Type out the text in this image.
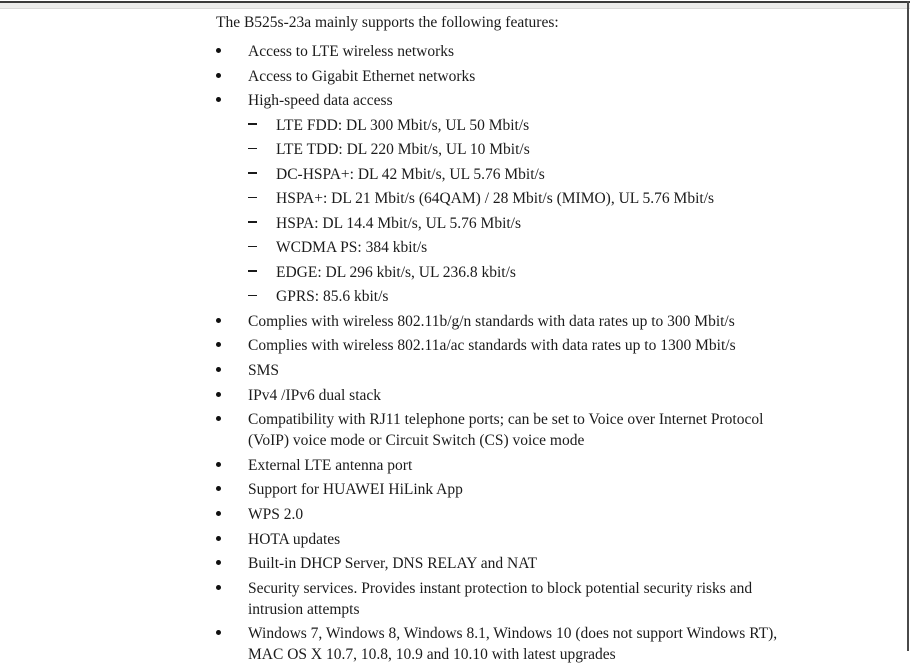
The B525s-23a mainly supports the following features:
Access to LTE wireless networks
Access to Gigabit Ethernet networks
High-speed data access
LTE FDD: DL 300 Mbit/s, UL 50 Mbit/s
LTE TDD: DL 220 Mbit/s, UL 10 Mbit/s
DC-HSPA+: DL 42 Mbit/s, UL 5.76 Mbit/s
HSPA+: DL 21 Mbit/s (64QAM) / 28 Mbit/s (MIMO), UL 5.76 Mbit/s
HSPA: DL 14.4 Mbit/s, UL 5.76 Mbit/s
WCDMA PS: 384 kbit/s
EDGE: DL 296 kbit/s, UL 236.8 kbit/s
GPRS: 85.6 kbit/s
Complies with wireless 802.11b/g/n standards with data rates up to 300 Mbit/s
Complies with wireless 802.11a/ac standards with data rates up to 1300 Mbit/s
SMS
IPv4 /IPv6 dual stack
Compatibility with RJ11 telephone ports; can be set to Voice over Internet Protocol (VoIP) voice mode or Circuit Switch (CS) voice mode
External LTE antenna port
Support for HUAWEI HiLink App
WPS 2.0
HOTA updates
Built-in DHCP Server, DNS RELAY and NAT
Security services. Provides instant protection to block potential security risks and intrusion attempts
Windows 7, Windows 8, Windows 8.1, Windows 10 (does not support Windows RT), MAC OS X 10.7, 10.8, 10.9 and 10.10 with latest upgrades
